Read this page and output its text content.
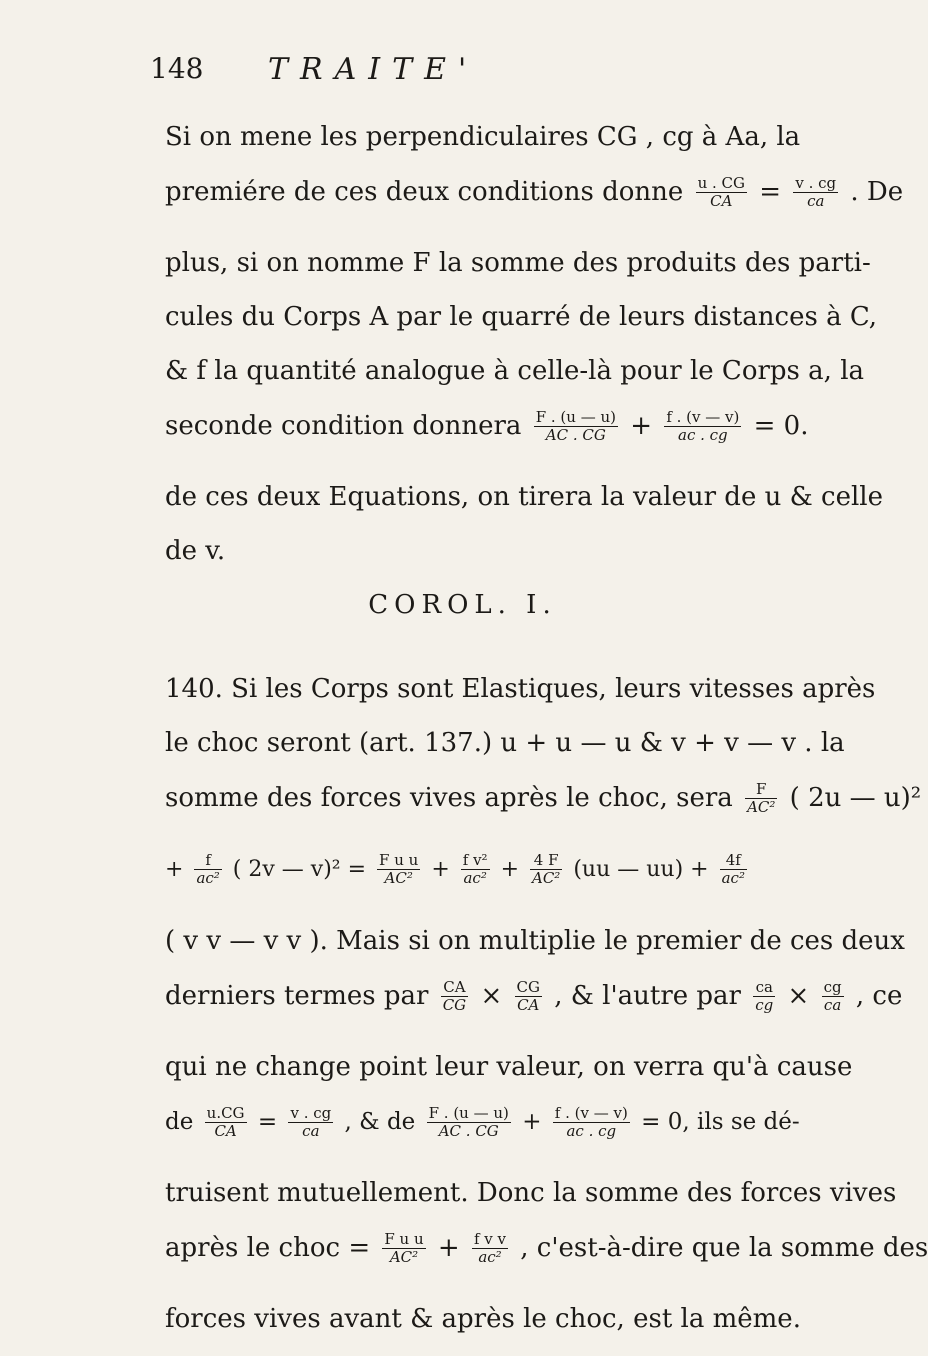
148 TRAITE'
Si on mene les perpendiculaires CG , cg à Aa, la
premiére de ces deux conditions donne $\frac{u . CG}{CA} = \frac{v . cg}{ca}$ . De
plus, si on nomme F la somme des produits des parti-
cules du Corps A par le quarré de leurs distances à C,
& f la quantité analogue à celle-là pour le Corps a, la
seconde condition donnera $\frac{F . (u — u)}{AC . CG} + \frac{f . (v — v)}{ac . cg} = 0$.
de ces deux Equations, on tirera la valeur de u & celle
de v.
COROL. I.
140. Si les Corps sont Elastiques, leurs vitesses après
le choc seront (art. 137.) u + u — u & v + v — v . la
somme des forces vives après le choc, sera $\frac{F}{\text{AC²}}$ ( 2u — u)²
+ $\frac{f}{\text{ac²}}$ ( 2v — $v)^2 = \frac{\text{F u u}}{\text{AC²}} + \frac{\text{f v²}}{\text{ac²}} + \frac{4 F}{\text{AC²}} (uu$ — $uu) + \frac{4f}{\text{ac²}}$
( v v — v v ). Mais si on multiplie le premier de ces deux
derniers termes par $\frac{CA}{CG} \times \frac{CG}{CA}$ , & l'autre par $\frac{ca}{cg} \times \frac{cg}{ca}$ , ce
qui ne change point leur valeur, on verra qu'à cause
de $\frac{u.CG}{CA} = \frac{v . cg}{ca}$ , & de $\frac{F . (u — u)}{AC . CG} + \frac{f . (v — v)}{ac . cg} = 0$, ils se dé-
truisent mutuellement. Donc la somme des forces vives
après le choc = $\frac{\text{F u u}}{\text{AC²}} + \frac{\text{f v v}}{\text{ac²}}$ , c'est-à-dire que la somme des
forces vives avant & après le choc, est la même.
